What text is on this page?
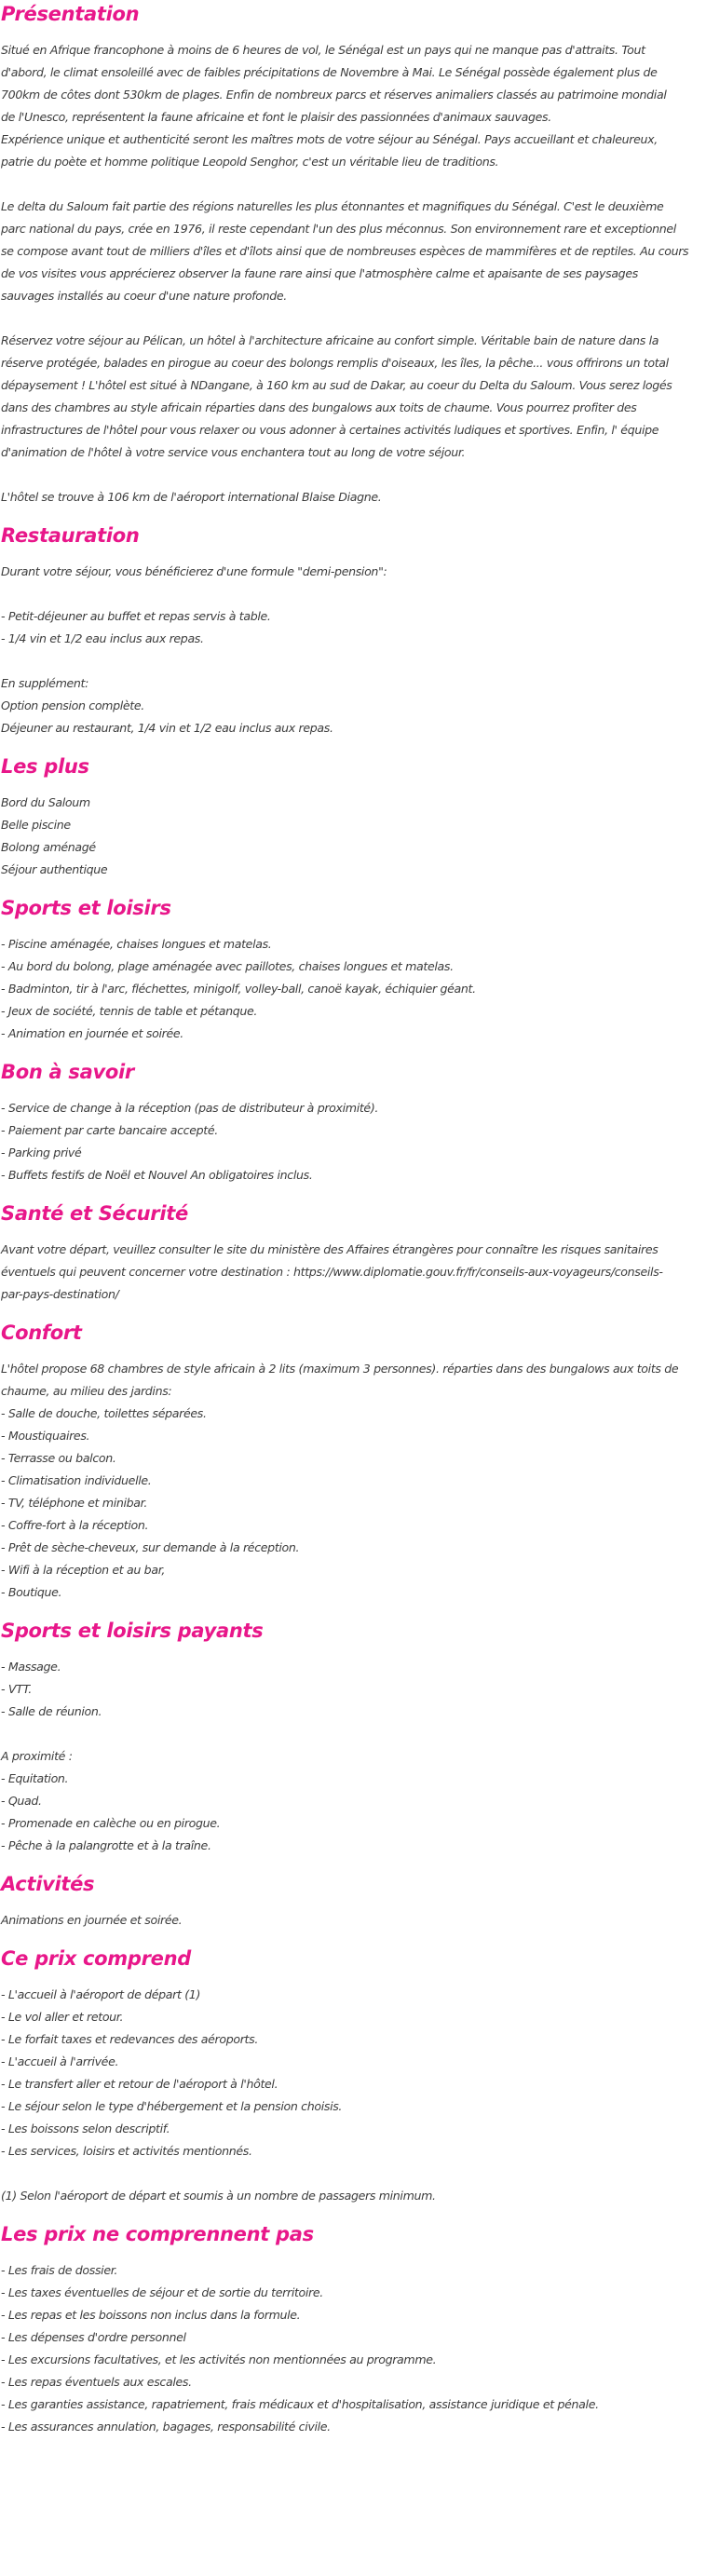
Présentation
Situé en Afrique francophone à moins de 6 heures de vol, le Sénégal est un pays qui ne manque pas d'attraits. Tout
d'abord, le climat ensoleillé avec de faibles précipitations de Novembre à Mai. Le Sénégal possède également plus de
700km de côtes dont 530km de plages. Enfin de nombreux parcs et réserves animaliers classés au patrimoine mondial
de l'Unesco, représentent la faune africaine et font le plaisir des passionnées d'animaux sauvages.
Expérience unique et authenticité seront les maîtres mots de votre séjour au Sénégal. Pays accueillant et chaleureux,
patrie du poète et homme politique Leopold Senghor, c'est un véritable lieu de traditions.
Le delta du Saloum fait partie des régions naturelles les plus étonnantes et magnifiques du Sénégal. C'est le deuxième
parc national du pays, crée en 1976, il reste cependant l'un des plus méconnus. Son environnement rare et exceptionnel
se compose avant tout de milliers d'îles et d'îlots ainsi que de nombreuses espèces de mammifères et de reptiles. Au cours
de vos visites vous apprécierez observer la faune rare ainsi que l'atmosphère calme et apaisante de ses paysages
sauvages installés au coeur d'une nature profonde.
Réservez votre séjour au Pélican, un hôtel à l'architecture africaine au confort simple. Véritable bain de nature dans la
réserve protégée, balades en pirogue au coeur des bolongs remplis d'oiseaux, les îles, la pêche... vous offrirons un total
dépaysement ! L'hôtel est situé à NDangane, à 160 km au sud de Dakar, au coeur du Delta du Saloum. Vous serez logés
dans des chambres au style africain réparties dans des bungalows aux toits de chaume. Vous pourrez profiter des
infrastructures de l'hôtel pour vous relaxer ou vous adonner à certaines activités ludiques et sportives. Enfin, l' équipe
d'animation de l'hôtel à votre service vous enchantera tout au long de votre séjour.
L'hôtel se trouve à 106 km de l'aéroport international Blaise Diagne.
Restauration
Durant votre séjour, vous bénéficierez d'une formule "demi-pension":
- Petit-déjeuner au buffet et repas servis à table.
- 1/4 vin et 1/2 eau inclus aux repas.
En supplément:
Option pension complète.
Déjeuner au restaurant, 1/4 vin et 1/2 eau inclus aux repas.
Les plus
Bord du Saloum
Belle piscine
Bolong aménagé
Séjour authentique
Sports et loisirs
- Piscine aménagée, chaises longues et matelas.
- Au bord du bolong, plage aménagée avec paillotes, chaises longues et matelas.
- Badminton, tir à l'arc, fléchettes, minigolf, volley-ball, canoë kayak, échiquier géant.
- Jeux de société, tennis de table et pétanque.
- Animation en journée et soirée.
Bon à savoir
- Service de change à la réception (pas de distributeur à proximité).
- Paiement par carte bancaire accepté.
- Parking privé
- Buffets festifs de Noël et Nouvel An obligatoires inclus.
Santé et Sécurité
Avant votre départ, veuillez consulter le site du ministère des Affaires étrangères pour connaître les risques sanitaires
éventuels qui peuvent concerner votre destination : https://www.diplomatie.gouv.fr/fr/conseils-aux-voyageurs/conseils-
par-pays-destination/
Confort
L'hôtel propose 68 chambres de style africain à 2 lits (maximum 3 personnes). réparties dans des bungalows aux toits de
chaume, au milieu des jardins:
- Salle de douche, toilettes séparées.
- Moustiquaires.
- Terrasse ou balcon.
- Climatisation individuelle.
- TV, téléphone et minibar.
- Coffre-fort à la réception.
- Prêt de sèche-cheveux, sur demande à la réception.
- Wifi à la réception et au bar,
- Boutique.
Sports et loisirs payants
- Massage.
- VTT.
- Salle de réunion.
A proximité :
- Equitation.
- Quad.
- Promenade en calèche ou en pirogue.
- Pêche à la palangrotte et à la traîne.
Activités
Animations en journée et soirée.
Ce prix comprend
- L'accueil à l'aéroport de départ (1)
- Le vol aller et retour.
- Le forfait taxes et redevances des aéroports.
- L'accueil à l'arrivée.
- Le transfert aller et retour de l'aéroport à l'hôtel.
- Le séjour selon le type d'hébergement et la pension choisis.
- Les boissons selon descriptif.
- Les services, loisirs et activités mentionnés.
(1) Selon l'aéroport de départ et soumis à un nombre de passagers minimum.
Les prix ne comprennent pas
- Les frais de dossier.
- Les taxes éventuelles de séjour et de sortie du territoire.
- Les repas et les boissons non inclus dans la formule.
- Les dépenses d'ordre personnel
- Les excursions facultatives, et les activités non mentionnées au programme.
- Les repas éventuels aux escales.
- Les garanties assistance, rapatriement, frais médicaux et d'hospitalisation, assistance juridique et pénale.
- Les assurances annulation, bagages, responsabilité civile.
